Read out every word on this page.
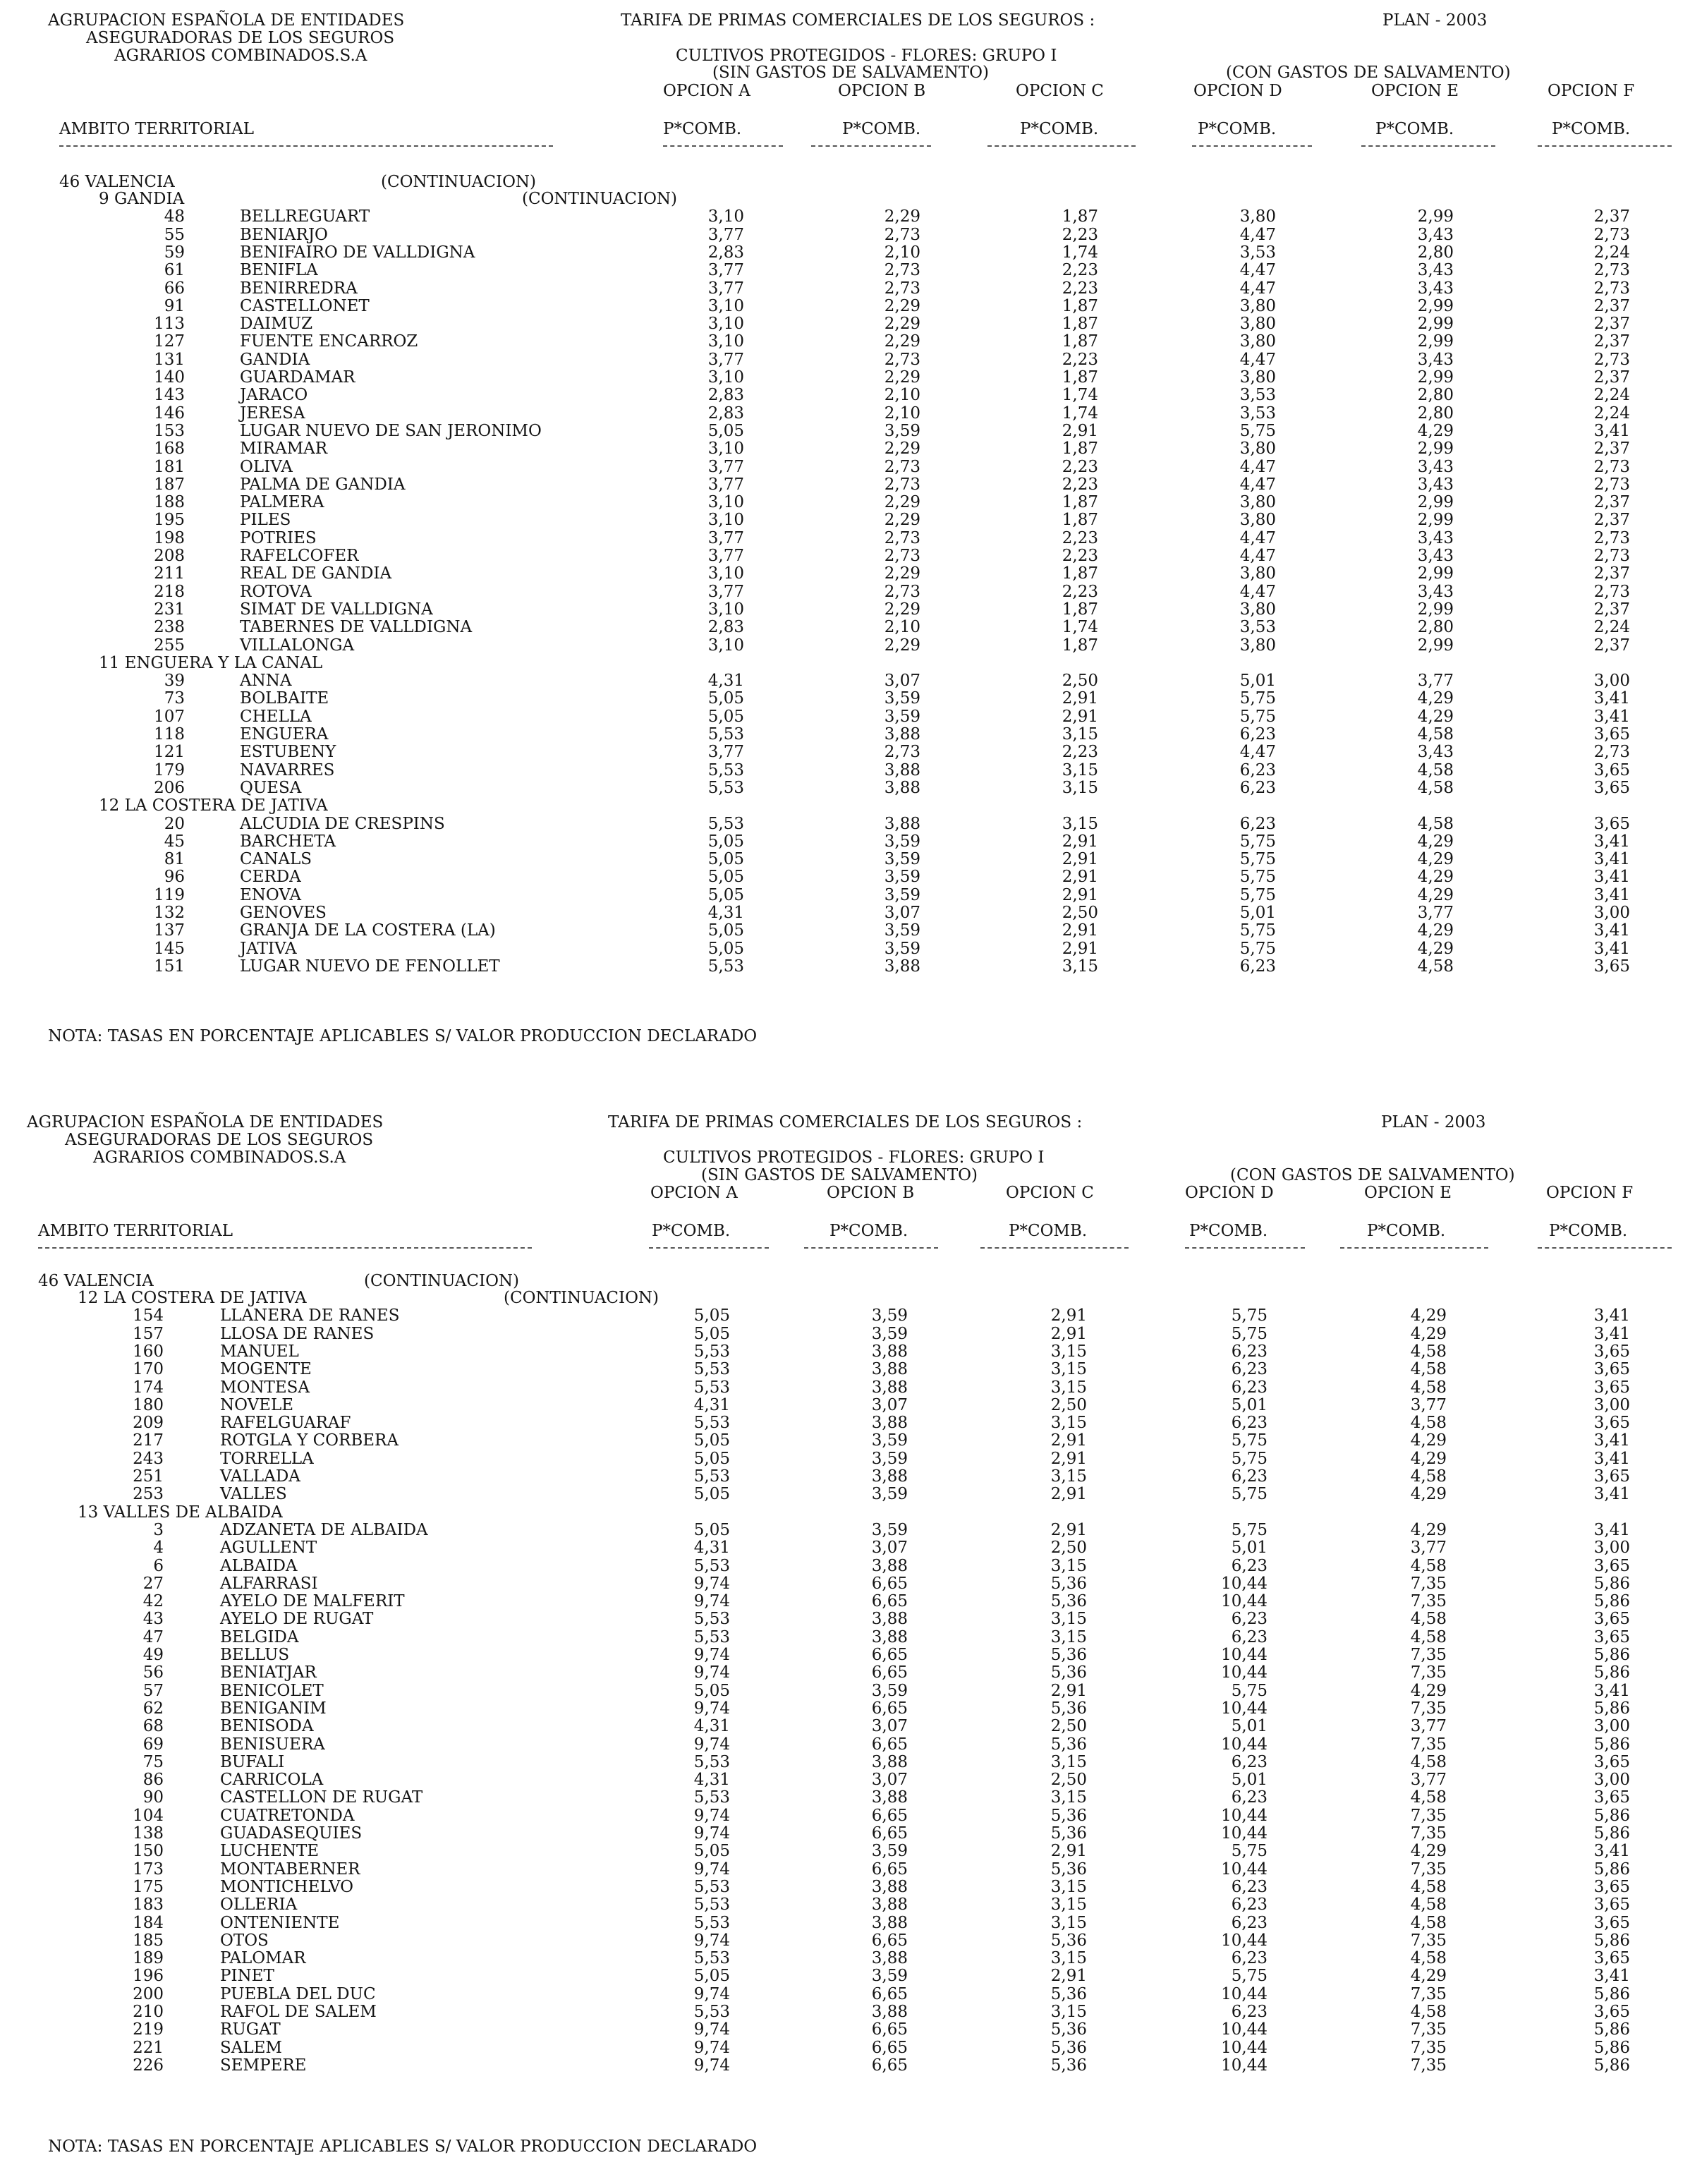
AGRUPACION ESPAÑOLA DE ENTIDADES
ASEGURADORAS DE LOS SEGUROS
AGRARIOS COMBINADOS.S.A
TARIFA DE PRIMAS COMERCIALES DE LOS SEGUROS :	PLAN - 2003
CULTIVOS PROTEGIDOS - FLORES: GRUPO I
(SIN GASTOS DE SALVAMENTO)	(CON GASTOS DE SALVAMENTO)
OPCION A	OPCION B	OPCION C	OPCION D	OPCION E	OPCION F
AMBITO TERRITORIAL	P*COMB.	P*COMB.	P*COMB.	P*COMB.	P*COMB.	P*COMB.
46 VALENCIA	(CONTINUACION)
NOTA: TASAS EN PORCENTAJE APLICABLES S/ VALOR PRODUCCION DECLARADO
9 GANDIA	(CONTINUACION)
48	BELLREGUART	3,10	2,29	1,87	3,80	2,99	2,37
55	BENIARJO	3,77	2,73	2,23	4,47	3,43	2,73
59	BENIFAIRO DE VALLDIGNA	2,83	2,10	1,74	3,53	2,80	2,24
61	BENIFLA	3,77	2,73	2,23	4,47	3,43	2,73
66	BENIRREDRA	3,77	2,73	2,23	4,47	3,43	2,73
91	CASTELLONET	3,10	2,29	1,87	3,80	2,99	2,37
113	DAIMUZ	3,10	2,29	1,87	3,80	2,99	2,37
127	FUENTE ENCARROZ	3,10	2,29	1,87	3,80	2,99	2,37
131	GANDIA	3,77	2,73	2,23	4,47	3,43	2,73
140	GUARDAMAR	3,10	2,29	1,87	3,80	2,99	2,37
143	JARACO	2,83	2,10	1,74	3,53	2,80	2,24
146	JERESA	2,83	2,10	1,74	3,53	2,80	2,24
153	LUGAR NUEVO DE SAN JERONIMO	5,05	3,59	2,91	5,75	4,29	3,41
168	MIRAMAR	3,10	2,29	1,87	3,80	2,99	2,37
181	OLIVA	3,77	2,73	2,23	4,47	3,43	2,73
187	PALMA DE GANDIA	3,77	2,73	2,23	4,47	3,43	2,73
188	PALMERA	3,10	2,29	1,87	3,80	2,99	2,37
195	PILES	3,10	2,29	1,87	3,80	2,99	2,37
198	POTRIES	3,77	2,73	2,23	4,47	3,43	2,73
208	RAFELCOFER	3,77	2,73	2,23	4,47	3,43	2,73
211	REAL DE GANDIA	3,10	2,29	1,87	3,80	2,99	2,37
218	ROTOVA	3,77	2,73	2,23	4,47	3,43	2,73
231	SIMAT DE VALLDIGNA	3,10	2,29	1,87	3,80	2,99	2,37
238	TABERNES DE VALLDIGNA	2,83	2,10	1,74	3,53	2,80	2,24
255	VILLALONGA	3,10	2,29	1,87	3,80	2,99	2,37
11 ENGUERA Y LA CANAL
39	ANNA	4,31	3,07	2,50	5,01	3,77	3,00
73	BOLBAITE	5,05	3,59	2,91	5,75	4,29	3,41
107	CHELLA	5,05	3,59	2,91	5,75	4,29	3,41
118	ENGUERA	5,53	3,88	3,15	6,23	4,58	3,65
121	ESTUBENY	3,77	2,73	2,23	4,47	3,43	2,73
179	NAVARRES	5,53	3,88	3,15	6,23	4,58	3,65
206	QUESA	5,53	3,88	3,15	6,23	4,58	3,65
12 LA COSTERA DE JATIVA
20	ALCUDIA DE CRESPINS	5,53	3,88	3,15	6,23	4,58	3,65
45	BARCHETA	5,05	3,59	2,91	5,75	4,29	3,41
81	CANALS	5,05	3,59	2,91	5,75	4,29	3,41
96	CERDA	5,05	3,59	2,91	5,75	4,29	3,41
119	ENOVA	5,05	3,59	2,91	5,75	4,29	3,41
132	GENOVES	4,31	3,07	2,50	5,01	3,77	3,00
137	GRANJA DE LA COSTERA (LA)	5,05	3,59	2,91	5,75	4,29	3,41
145	JATIVA	5,05	3,59	2,91	5,75	4,29	3,41
151	LUGAR NUEVO DE FENOLLET	5,53	3,88	3,15	6,23	4,58	3,65
AGRUPACION ESPAÑOLA DE ENTIDADES
ASEGURADORAS DE LOS SEGUROS
AGRARIOS COMBINADOS.S.A
TARIFA DE PRIMAS COMERCIALES DE LOS SEGUROS :	PLAN - 2003
CULTIVOS PROTEGIDOS - FLORES: GRUPO I
(SIN GASTOS DE SALVAMENTO)	(CON GASTOS DE SALVAMENTO)
OPCION A	OPCION B	OPCION C	OPCION D	OPCION E	OPCION F
AMBITO TERRITORIAL	P*COMB.	P*COMB.	P*COMB.	P*COMB.	P*COMB.	P*COMB.
46 VALENCIA	(CONTINUACION)
NOTA: TASAS EN PORCENTAJE APLICABLES S/ VALOR PRODUCCION DECLARADO
12 LA COSTERA DE JATIVA	(CONTINUACION)
154	LLANERA DE RANES	5,05	3,59	2,91	5,75	4,29	3,41
157	LLOSA DE RANES	5,05	3,59	2,91	5,75	4,29	3,41
160	MANUEL	5,53	3,88	3,15	6,23	4,58	3,65
170	MOGENTE	5,53	3,88	3,15	6,23	4,58	3,65
174	MONTESA	5,53	3,88	3,15	6,23	4,58	3,65
180	NOVELE	4,31	3,07	2,50	5,01	3,77	3,00
209	RAFELGUARAF	5,53	3,88	3,15	6,23	4,58	3,65
217	ROTGLA Y CORBERA	5,05	3,59	2,91	5,75	4,29	3,41
243	TORRELLA	5,05	3,59	2,91	5,75	4,29	3,41
251	VALLADA	5,53	3,88	3,15	6,23	4,58	3,65
253	VALLES	5,05	3,59	2,91	5,75	4,29	3,41
13 VALLES DE ALBAIDA
3	ADZANETA DE ALBAIDA	5,05	3,59	2,91	5,75	4,29	3,41
4	AGULLENT	4,31	3,07	2,50	5,01	3,77	3,00
6	ALBAIDA	5,53	3,88	3,15	6,23	4,58	3,65
27	ALFARRASI	9,74	6,65	5,36	10,44	7,35	5,86
42	AYELO DE MALFERIT	9,74	6,65	5,36	10,44	7,35	5,86
43	AYELO DE RUGAT	5,53	3,88	3,15	6,23	4,58	3,65
47	BELGIDA	5,53	3,88	3,15	6,23	4,58	3,65
49	BELLUS	9,74	6,65	5,36	10,44	7,35	5,86
56	BENIATJAR	9,74	6,65	5,36	10,44	7,35	5,86
57	BENICOLET	5,05	3,59	2,91	5,75	4,29	3,41
62	BENIGANIM	9,74	6,65	5,36	10,44	7,35	5,86
68	BENISODA	4,31	3,07	2,50	5,01	3,77	3,00
69	BENISUERA	9,74	6,65	5,36	10,44	7,35	5,86
75	BUFALI	5,53	3,88	3,15	6,23	4,58	3,65
86	CARRICOLA	4,31	3,07	2,50	5,01	3,77	3,00
90	CASTELLON DE RUGAT	5,53	3,88	3,15	6,23	4,58	3,65
104	CUATRETONDA	9,74	6,65	5,36	10,44	7,35	5,86
138	GUADASEQUIES	9,74	6,65	5,36	10,44	7,35	5,86
150	LUCHENTE	5,05	3,59	2,91	5,75	4,29	3,41
173	MONTABERNER	9,74	6,65	5,36	10,44	7,35	5,86
175	MONTICHELVO	5,53	3,88	3,15	6,23	4,58	3,65
183	OLLERIA	5,53	3,88	3,15	6,23	4,58	3,65
184	ONTENIENTE	5,53	3,88	3,15	6,23	4,58	3,65
185	OTOS	9,74	6,65	5,36	10,44	7,35	5,86
189	PALOMAR	5,53	3,88	3,15	6,23	4,58	3,65
196	PINET	5,05	3,59	2,91	5,75	4,29	3,41
200	PUEBLA DEL DUC	9,74	6,65	5,36	10,44	7,35	5,86
210	RAFOL DE SALEM	5,53	3,88	3,15	6,23	4,58	3,65
219	RUGAT	9,74	6,65	5,36	10,44	7,35	5,86
221	SALEM	9,74	6,65	5,36	10,44	7,35	5,86
226	SEMPERE	9,74	6,65	5,36	10,44	7,35	5,86
